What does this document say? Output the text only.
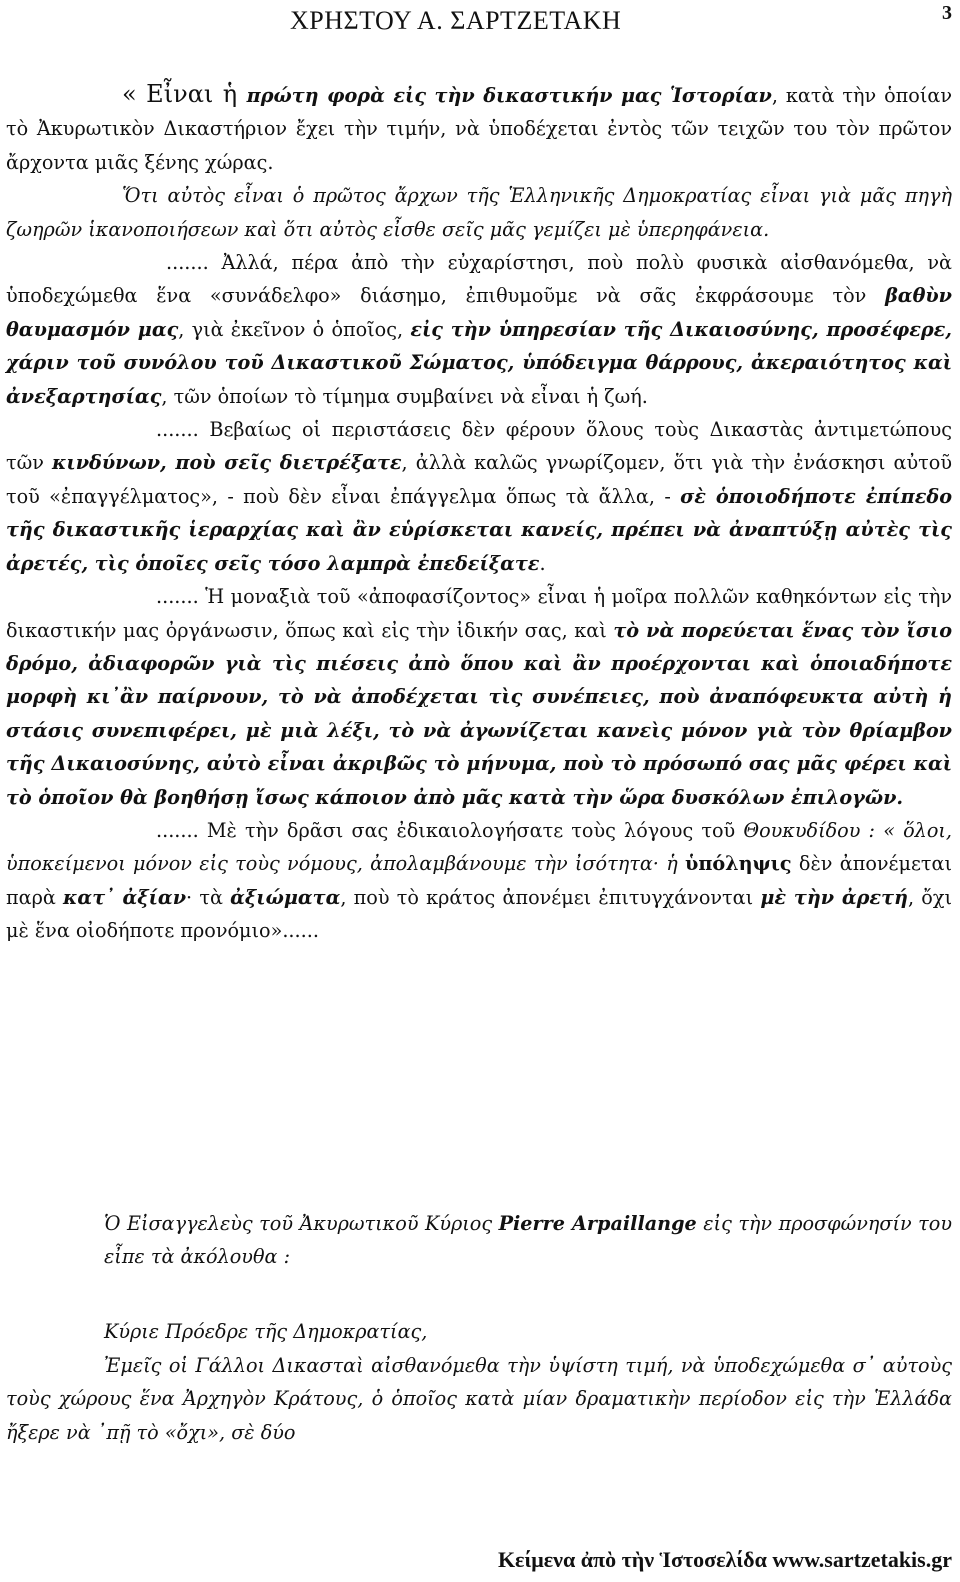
ΧΡΗΣΤΟΥ Α. ΣΑΡΤΖΕΤΑΚΗ	3

« Εἶναι ἡ πρώτη φορὰ εἰς τὴν δικαστικήν μας Ἱστορίαν, κατὰ τὴν ὁποίαν τὸ Ἀκυρωτικὸν Δικαστήριον ἔχει τὴν τιμήν, νὰ ὑποδέχεται ἐντὸς τῶν τειχῶν του τὸν πρῶτον ἄρχοντα μιᾶς ξένης χώρας.

Ὅτι αὐτὸς εἶναι ὁ πρῶτος ἄρχων τῆς Ἑλληνικῆς Δημοκρατίας εἶναι γιὰ μᾶς πηγὴ ζωηρῶν ἱκανοποιήσεων καὶ ὅτι αὐτὸς εἶσθε σεῖς μᾶς γεμίζει μὲ ὑπερηφάνεια.

....... Ἀλλά, πέρα ἀπὸ τὴν εὐχαρίστησι, ποὺ πολὺ φυσικὰ αἰσθανόμεθα, νὰ ὑποδεχώμεθα ἕνα «συνάδελφο» διάσημο, ἐπιθυμοῦμε νὰ σᾶς ἐκφράσουμε τὸν βαθὺν θαυμασμόν μας, γιὰ ἐκεῖνον ὁ ὁποῖος, εἰς τὴν ὑπηρεσίαν τῆς Δικαιοσύνης, προσέφερε, χάριν τοῦ συνόλου τοῦ Δικαστικοῦ Σώματος, ὑπόδειγμα θάρρους, ἀκεραιότητος καὶ ἀνεξαρτησίας, τῶν ὁποίων τὸ τίμημα συμβαίνει νὰ εἶναι ἡ ζωή.

....... Βεβαίως οἱ περιστάσεις δὲν φέρουν ὅλους τοὺς Δικαστὰς ἀντιμετώπους τῶν κινδύνων, ποὺ σεῖς διετρέξατε, ἀλλὰ καλῶς γνωρίζομεν, ὅτι γιὰ τὴν ἐνάσκησι αὐτοῦ τοῦ «ἐπαγγέλματος», - ποὺ δὲν εἶναι ἐπάγγελμα ὅπως τὰ ἄλλα, - σὲ ὁποιοδήποτε ἐπίπεδο τῆς δικαστικῆς ἱεραρχίας καὶ ἂν εὑρίσκεται κανείς, πρέπει νὰ ἀναπτύξῃ αὐτὲς τὶς ἀρετές, τὶς ὁποῖες σεῖς τόσο λαμπρὰ ἐπεδείξατε.

....... Ἡ μοναξιὰ τοῦ «ἀποφασίζοντος» εἶναι ἡ μοῖρα πολλῶν καθηκόντων εἰς τὴν δικαστικήν μας ὀργάνωσιν, ὅπως καὶ εἰς τὴν ἰδικήν σας, καὶ τὸ νὰ πορεύεται ἕνας τὸν ἴσιο δρόμο, ἀδιαφορῶν γιὰ τὶς πιέσεις ἀπὸ ὅπου καὶ ἂν προέρχονται καὶ ὁποιαδήποτε μορφὴ κι᾽ἂν παίρνουν, τὸ νὰ ἀποδέχεται τὶς συνέπειες, ποὺ ἀναπόφευκτα αὐτὴ ἡ στάσις συνεπιφέρει, μὲ μιὰ λέξι, τὸ νὰ ἀγωνίζεται κανεὶς μόνον γιὰ τὸν θρίαμβον τῆς Δικαιοσύνης, αὐτὸ εἶναι ἀκριβῶς τὸ μήνυμα, ποὺ τὸ πρόσωπό σας μᾶς φέρει καὶ τὸ ὁποῖον θὰ βοηθήσῃ ἴσως κάποιον ἀπὸ μᾶς κατὰ τὴν ὥρα δυσκόλων ἐπιλογῶν.

....... Μὲ τὴν δρᾶσι σας ἐδικαιολογήσατε τοὺς λόγους τοῦ Θουκυδίδου : « ὅλοι, ὑποκείμενοι μόνον εἰς τοὺς νόμους, ἀπολαμβάνουμε τὴν ἰσότητα· ἡ ὑπόληψις δὲν ἀπονέμεται παρὰ κατ᾽ ἀξίαν· τὰ ἀξιώματα, ποὺ τὸ κράτος ἀπονέμει ἐπιτυγχάνονται μὲ τὴν ἀρετή, ὄχι μὲ ἕνα οἰοδήποτε προνόμιο»......

Ὁ Εἰσαγγελεὺς τοῦ Ἀκυρωτικοῦ Κύριος Pierre Arpaillange εἰς τὴν προσφώνησίν του εἶπε τὰ ἀκόλουθα :

Κύριε Πρόεδρε τῆς Δημοκρατίας,

Ἐμεῖς οἱ Γάλλοι Δικασταὶ αἰσθανόμεθα τὴν ὑψίστη τιμή, νὰ ὑποδεχώμεθα σ᾽ αὐτοὺς τοὺς χώρους ἕνα Ἀρχηγὸν Κράτους, ὁ ὁποῖος κατὰ μίαν δραματικὴν περίοδον εἰς τὴν Ἑλλάδα ἤξερε νὰ ᾽πῇ τὸ «ὄχι», σὲ δύο

Κείμενα ἀπὸ τὴν Ἱστοσελίδα www.sartzetakis.gr
